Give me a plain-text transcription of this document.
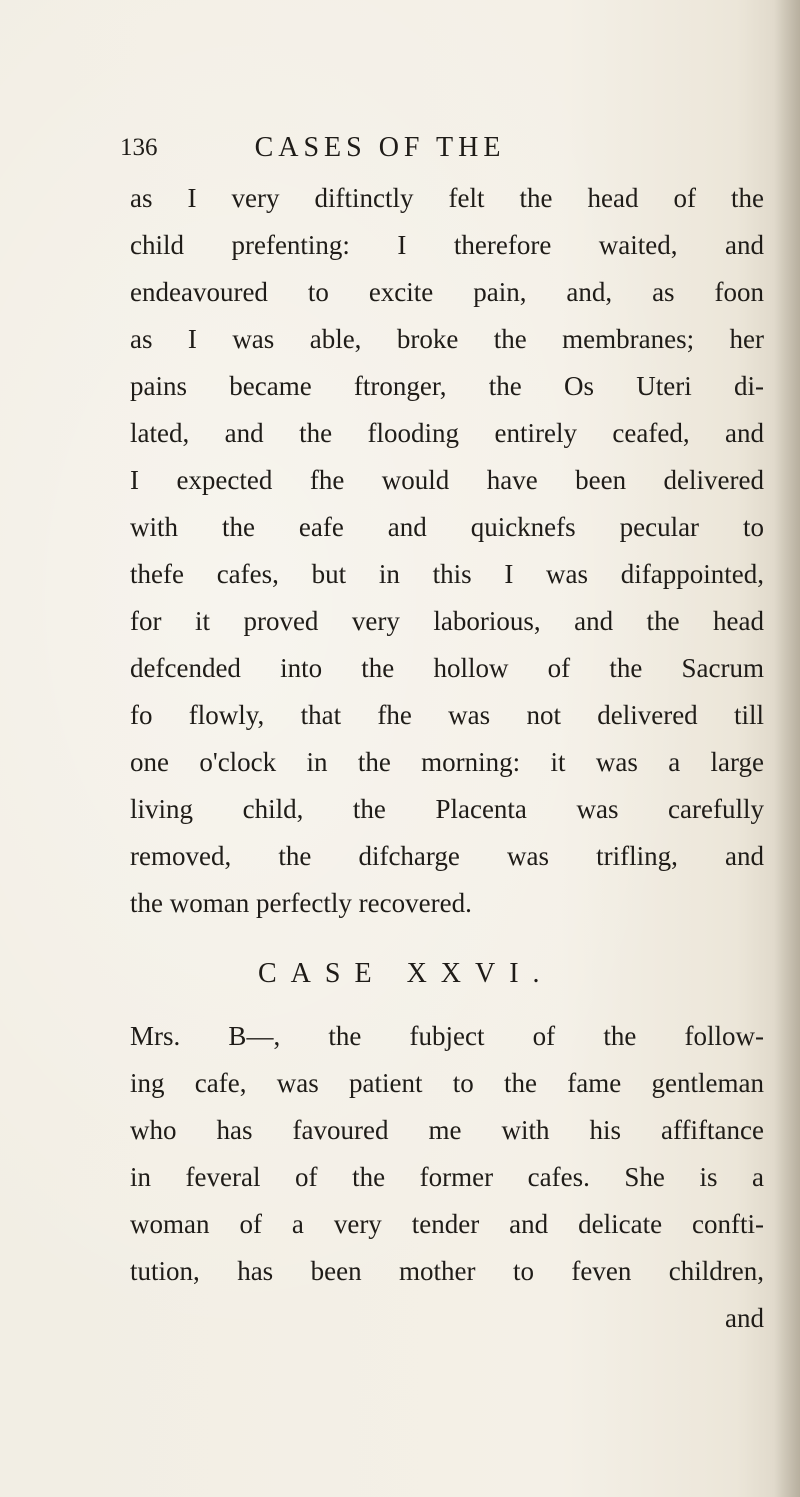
136	CASES OF THE
as I very diftinctly felt the head of the
child prefenting: I therefore waited, and
endeavoured to excite pain, and, as foon
as I was able, broke the membranes; her
pains became ftronger, the Os Uteri di-
lated, and the flooding entirely ceafed, and
I expected fhe would have been delivered
with the eafe and quicknefs pecular to
thefe cafes, but in this I was difappointed,
for it proved very laborious, and the head
defcended into the hollow of the Sacrum
fo flowly, that fhe was not delivered till
one o'clock in the morning: it was a large
living child, the Placenta was carefully
removed, the difcharge was trifling, and
the woman perfectly recovered.
CASE XXVI.
Mrs. B—, the fubject of the follow-
ing cafe, was patient to the fame gentleman
who has favoured me with his affiftance
in feveral of the former cafes. She is a
woman of a very tender and delicate confti-
tution, has been mother to feven children,
and
